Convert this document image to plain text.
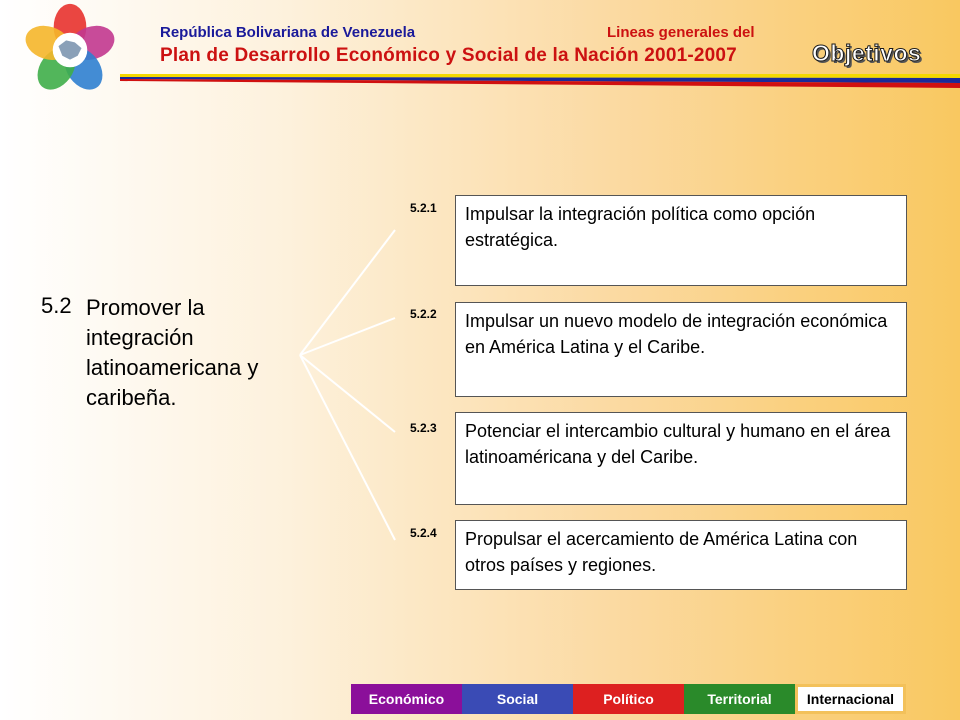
República Bolivariana de Venezuela	Lineas generales del
Plan de Desarrollo Económico y Social de la Nación 2001-2007	Objetivos
5.2 Promover la integración latinoamericana y caribeña.
5.2.1	Impulsar la integración política como opción estratégica.
5.2.2	Impulsar un nuevo modelo de integración económica en América Latina y el Caribe.
5.2.3	Potenciar el intercambio cultural y humano en el área latinoaméricana y del Caribe.
5.2.4	Propulsar el acercamiento de América Latina con otros países y regiones.
Económico	Social	Político	Territorial	Internacional
